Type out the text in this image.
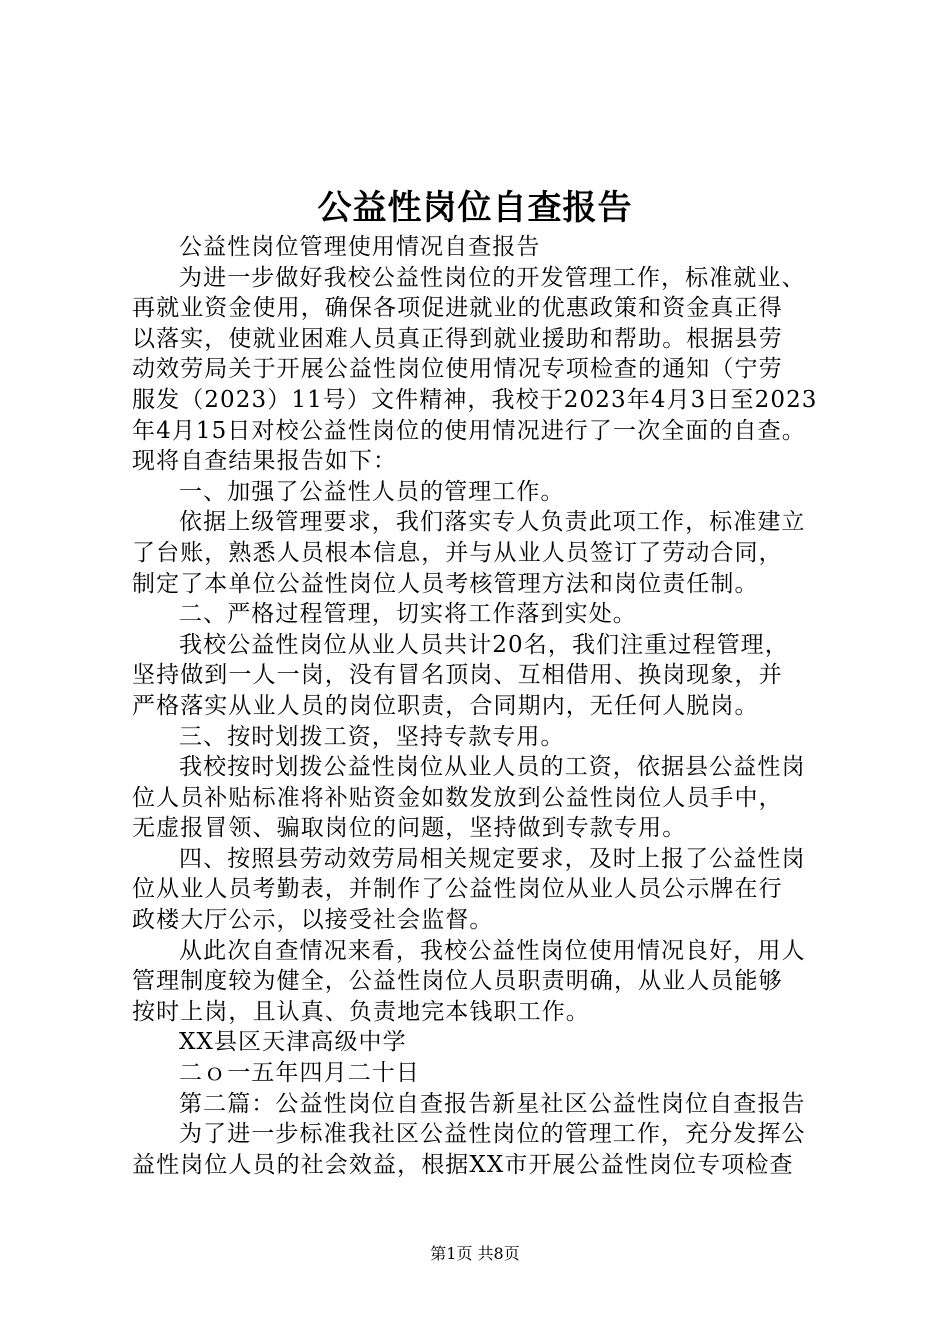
公益性岗位自查报告

公益性岗位管理使用情况自查报告

为进一步做好我校公益性岗位的开发管理工作，标准就业、

再就业资金使用，确保各项促进就业的优惠政策和资金真正得

以落实，使就业困难人员真正得到就业援助和帮助。根据县劳

动效劳局关于开展公益性岗位使用情况专项检查的通知（宁劳

服发（2023）11号）文件精神，我校于2023年4月3日至2023

年4月15日对校公益性岗位的使用情况进行了一次全面的自查。

现将自查结果报告如下：

一、加强了公益性人员的管理工作。

依据上级管理要求，我们落实专人负责此项工作，标准建立

了台账，熟悉人员根本信息，并与从业人员签订了劳动合同，

制定了本单位公益性岗位人员考核管理方法和岗位责任制。

二、严格过程管理，切实将工作落到实处。

我校公益性岗位从业人员共计20名，我们注重过程管理，

坚持做到一人一岗，没有冒名顶岗、互相借用、换岗现象，并

严格落实从业人员的岗位职责，合同期内，无任何人脱岗。

三、按时划拨工资，坚持专款专用。

我校按时划拨公益性岗位从业人员的工资，依据县公益性岗

位人员补贴标准将补贴资金如数发放到公益性岗位人员手中，

无虚报冒领、骗取岗位的问题，坚持做到专款专用。

四、按照县劳动效劳局相关规定要求，及时上报了公益性岗

位从业人员考勤表，并制作了公益性岗位从业人员公示牌在行

政楼大厅公示，以接受社会监督。

从此次自查情况来看，我校公益性岗位使用情况良好，用人

管理制度较为健全，公益性岗位人员职责明确，从业人员能够

按时上岗，且认真、负责地完本钱职工作。

XX县区天津高级中学

二ｏ一五年四月二十日

第二篇：公益性岗位自查报告新星社区公益性岗位自查报告

为了进一步标准我社区公益性岗位的管理工作，充分发挥公

益性岗位人员的社会效益，根据XX市开展公益性岗位专项检查

第1页 共8页
